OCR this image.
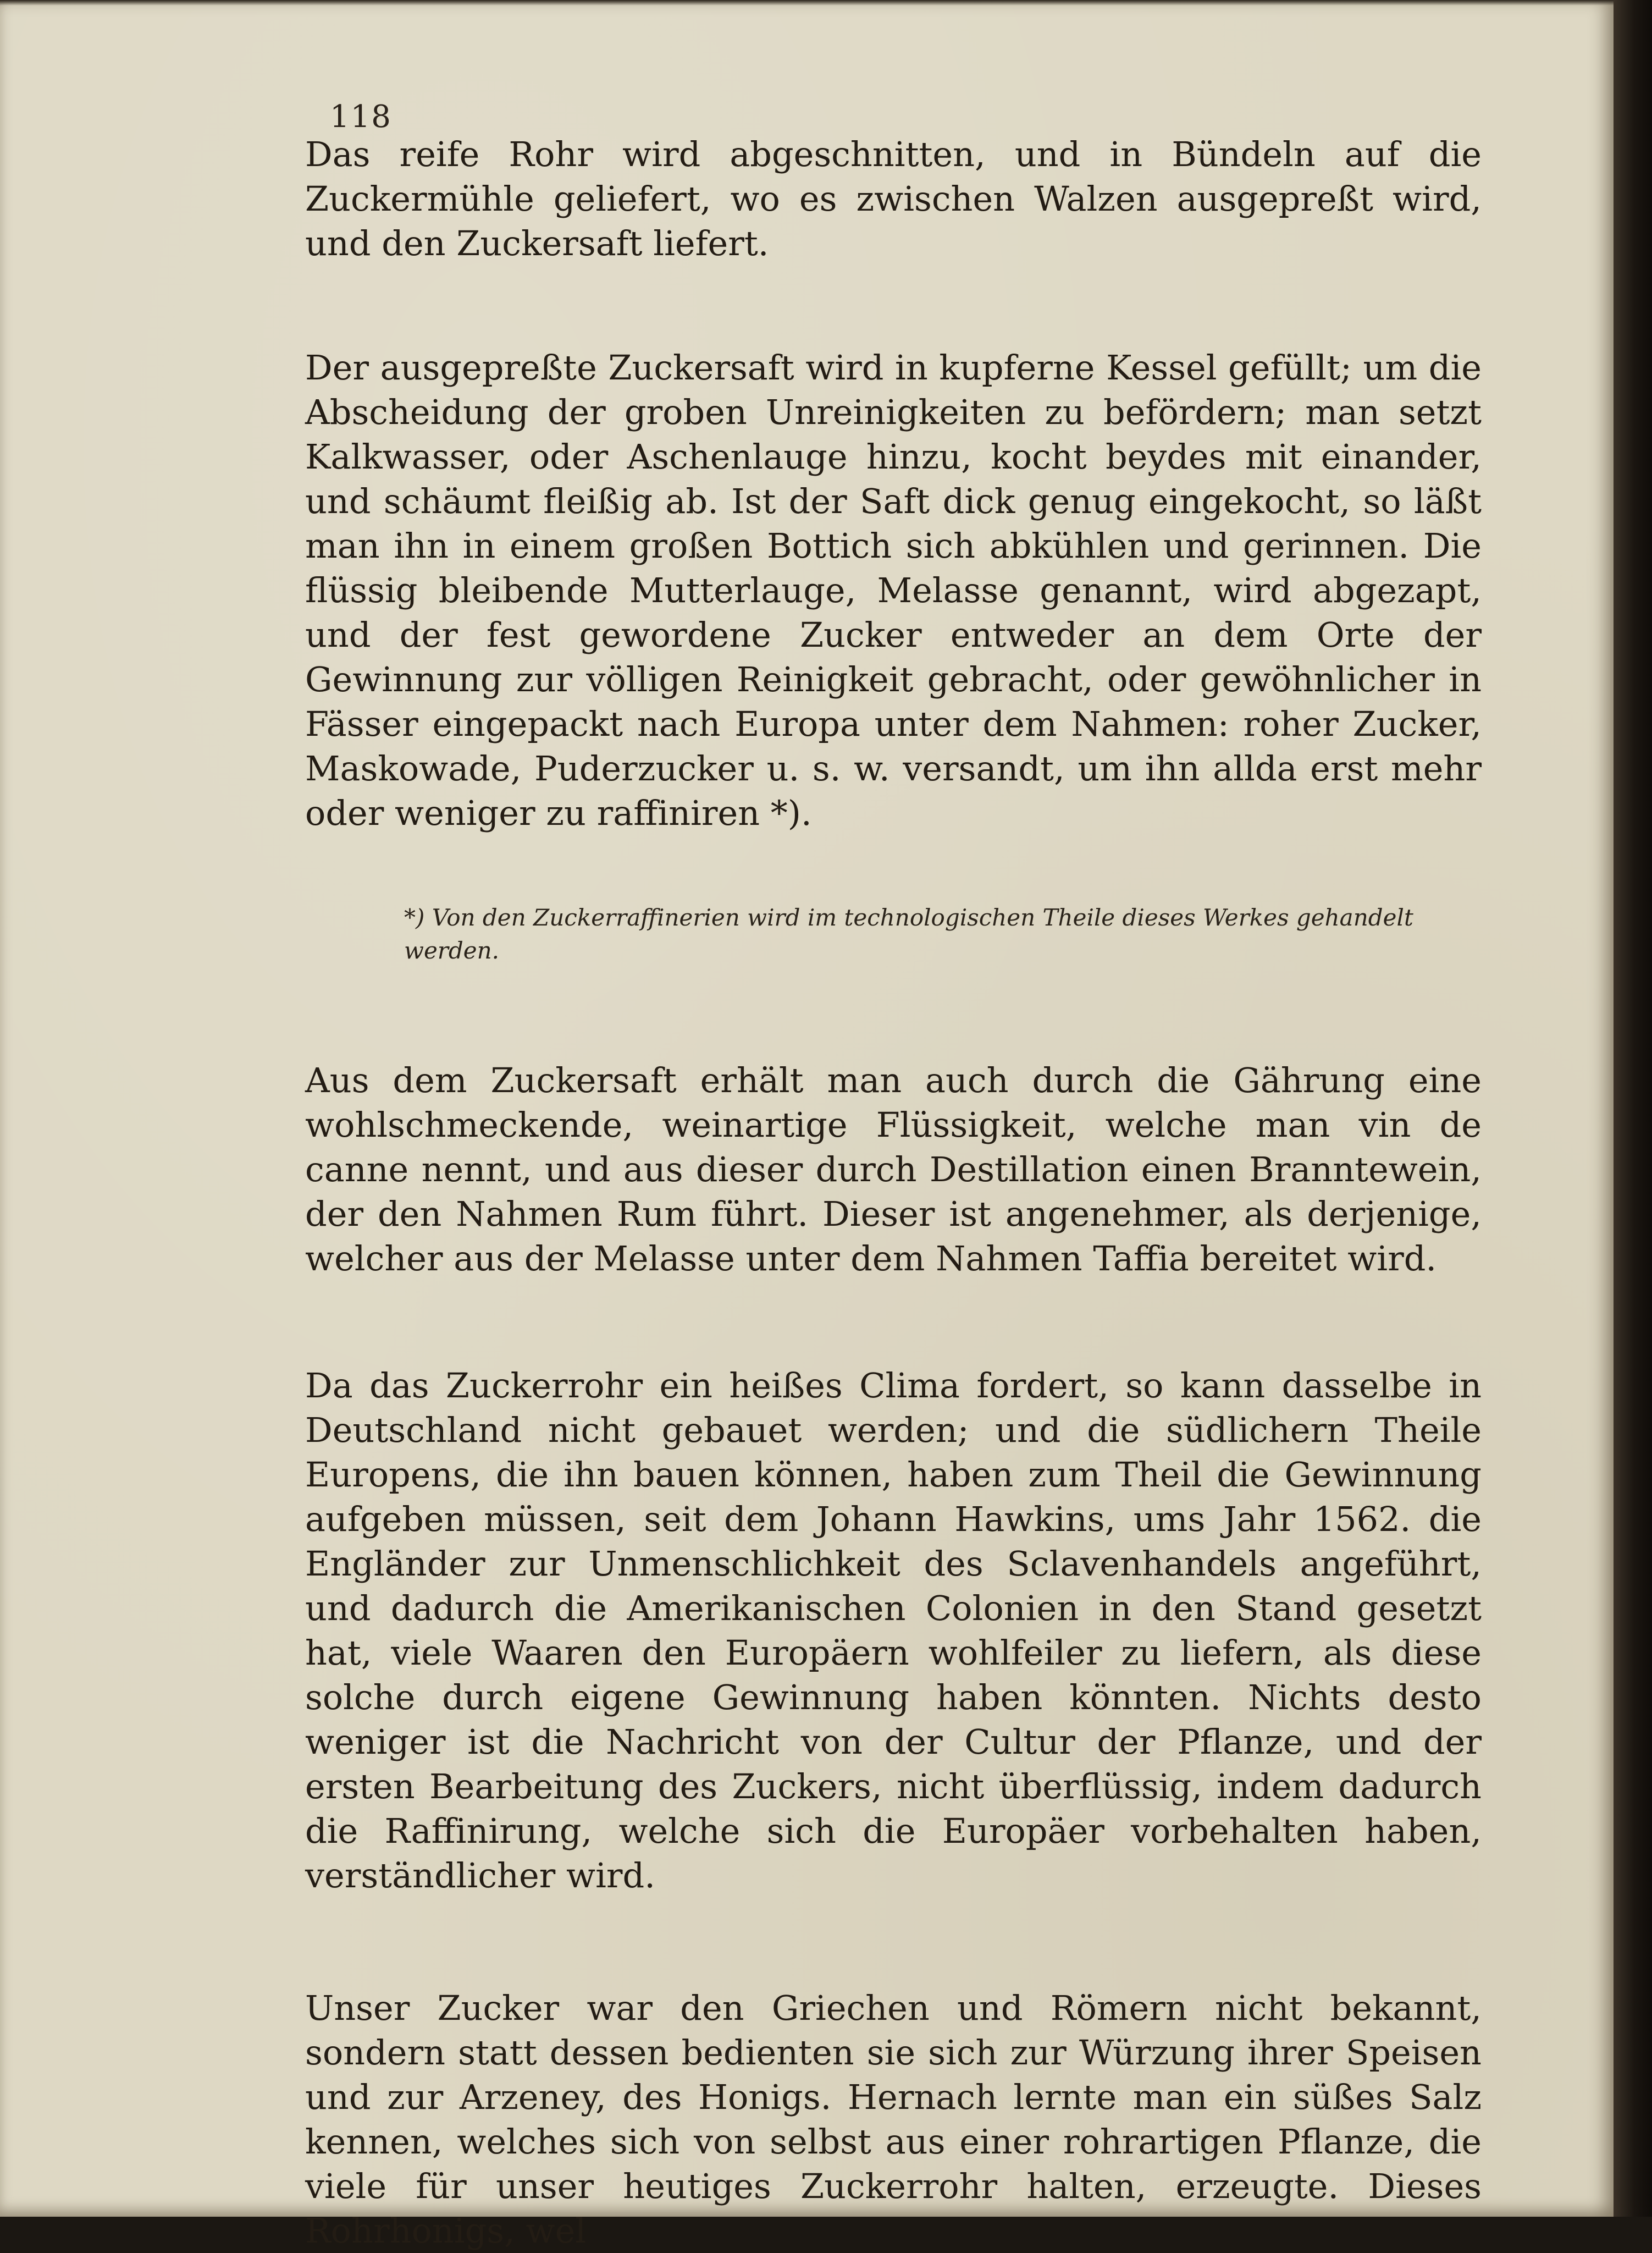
118

Das reife Rohr wird abgeschnitten, und in Bündeln auf die Zuckermühle geliefert, wo es zwischen Walzen ausgepreßt wird, und den Zuckersaft liefert.

Der ausgepreßte Zuckersaft wird in kupferne Kessel gefüllt; um die Abscheidung der groben Unreinigkeiten zu befördern; man setzt Kalkwasser, oder Aschenlauge hinzu, kocht beydes mit einander, und schäumt fleißig ab. Ist der Saft dick genug eingekocht, so läßt man ihn in einem großen Bottich sich abkühlen und gerinnen. Die flüssig bleibende Mutterlauge, Melasse genannt, wird abgezapt, und der fest gewordene Zucker entweder an dem Orte der Gewinnung zur völligen Reinigkeit gebracht, oder gewöhnlicher in Fässer eingepackt nach Europa unter dem Nahmen: roher Zucker, Maskowade, Puderzucker u. s. w. versandt, um ihn allda erst mehr oder weniger zu raffiniren *).

*) Von den Zuckerraffinerien wird im technologischen Theile dieses Werkes gehandelt werden.

Aus dem Zuckersaft erhält man auch durch die Gährung eine wohlschmeckende, weinartige Flüssigkeit, welche man vin de canne nennt, und aus dieser durch Destillation einen Branntewein, der den Nahmen Rum führt. Dieser ist angenehmer, als derjenige, welcher aus der Melasse unter dem Nahmen Taffia bereitet wird.

Da das Zuckerrohr ein heißes Clima fordert, so kann dasselbe in Deutschland nicht gebauet werden; und die südlichern Theile Europens, die ihn bauen können, haben zum Theil die Gewinnung aufgeben müssen, seit dem Johann Hawkins, ums Jahr 1562. die Engländer zur Unmenschlichkeit des Sclavenhandels angeführt, und dadurch die Amerikanischen Colonien in den Stand gesetzt hat, viele Waaren den Europäern wohlfeiler zu liefern, als diese solche durch eigene Gewinnung haben könnten. Nichts desto weniger ist die Nachricht von der Cultur der Pflanze, und der ersten Bearbeitung des Zuckers, nicht überflüssig, indem dadurch die Raffinirung, welche sich die Europäer vorbehalten haben, verständlicher wird.

Unser Zucker war den Griechen und Römern nicht bekannt, sondern statt dessen bedienten sie sich zur Würzung ihrer Speisen und zur Arzeney, des Honigs. Hernach lernte man ein süßes Salz kennen, welches sich von selbst aus einer rohrartigen Pflanze, die viele für unser heutiges Zuckerrohr halten, erzeugte. Dieses Rohrhonigs, wel
